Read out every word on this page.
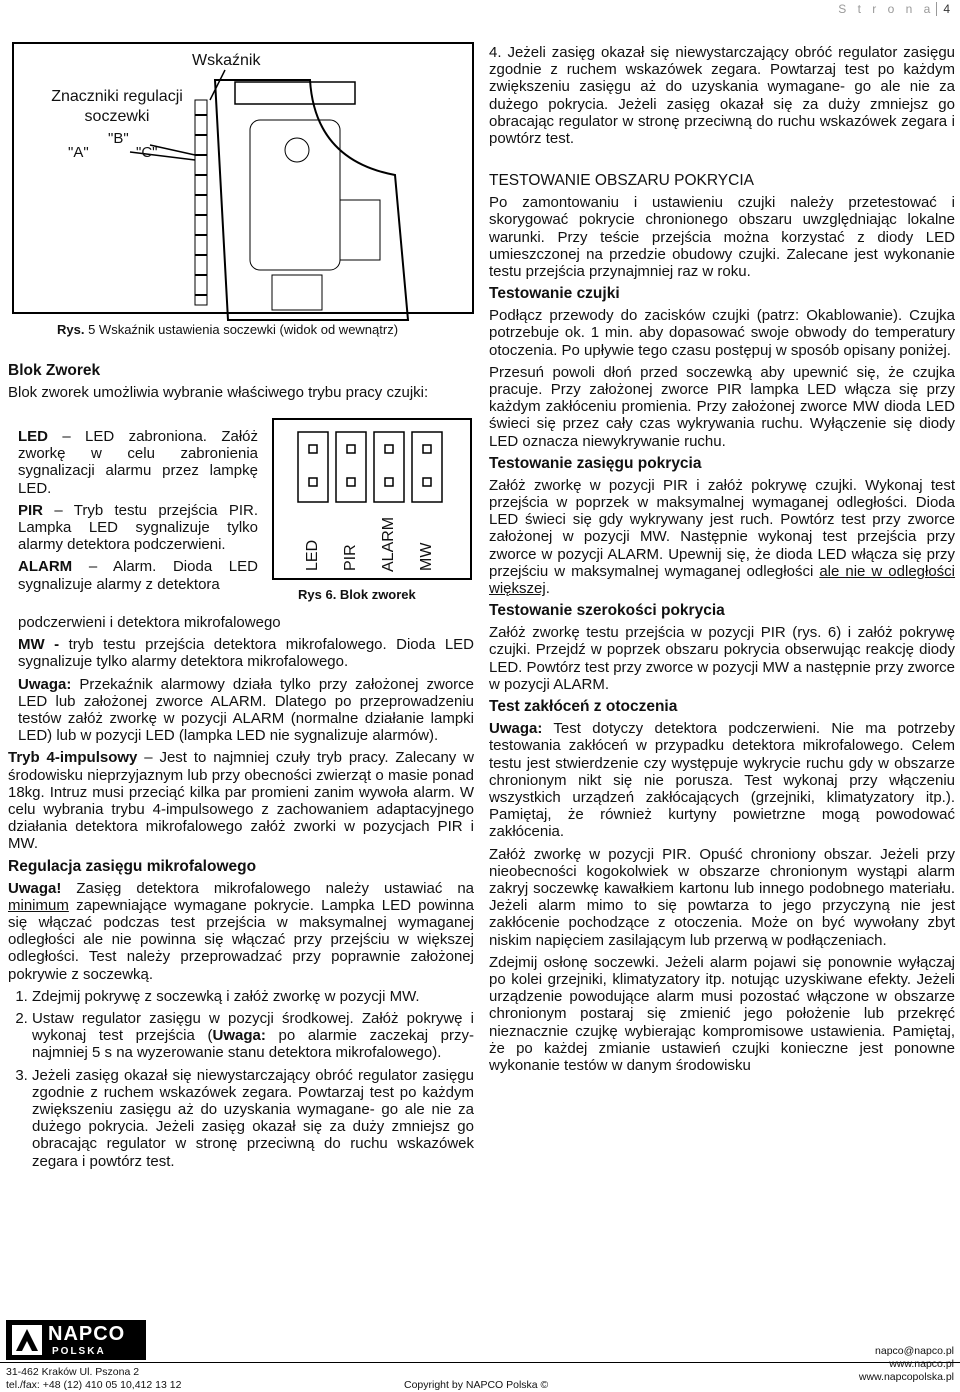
S t r o n a 4
Wskaźnik
Znaczniki regulacji
soczewki
"B"
"A"	"C"
Rys. 5 Wskaźnik ustawienia soczewki (widok od wewnątrz)
LED PIR ALARM MW
Rys 6. Blok zworek
Blok Zworek

Blok zworek umożliwia wybranie właściwego trybu pracy czujki:

LED – LED zabroniona. Załóż zworkę w celu zabronienia sygnalizacji alarmu przez lampkę LED.

PIR – Tryb testu przejścia PIR. Lampka LED sygnalizuje tylko alarmy detektora podczerwieni.

ALARM – Alarm. Dioda LED sygnalizuje alarmy z detektora

podczerwieni i detektora mikrofalowego

MW - tryb testu przejścia detektora mikrofalowego. Dioda LED sygnalizuje tylko alarmy detektora mikrofalowego.

Uwaga: Przekaźnik alarmowy działa tylko przy założonej zworce LED lub założonej zworce ALARM. Dlatego po przeprowadzeniu testów załóż zworkę w pozycji ALARM (normalne działanie lampki LED) lub w pozycji LED (lampka LED nie sygnalizuje alarmów).

Tryb 4-impulsowy – Jest to najmniej czuły tryb pracy. Zalecany w środowisku nieprzyjaznym lub przy obecności zwierząt o masie ponad 18kg. Intruz musi przeciąć kilka par promieni zanim wywoła alarm. W celu wybrania trybu 4-impulsowego z zachowaniem adaptacyjnego działania detektora mikrofalowego załóż zworki w pozycjach PIR i MW.

Regulacja zasięgu mikrofalowego

Uwaga! Zasięg detektora mikrofalowego należy ustawiać na minimum zapewniające wymagane pokrycie. Lampka LED powinna się włączać podczas test przejścia w maksymalnej wymaganej odległości ale nie powinna się włączać przy przejściu w większej odległości. Test należy przeprowadzać przy poprawnie założonej pokrywie z soczewką.

1. Zdejmij pokrywę z soczewką i załóż zworkę w pozycji MW.
2. Ustaw regulator zasięgu w pozycji środkowej. Załóż pokrywę i wykonaj test przejścia (Uwaga: po alarmie zaczekaj przy- najmniej 5 s na wyzerowanie stanu detektora mikrofalowego).
3. Jeżeli zasięg okazał się niewystarczający obróć regulator zasięgu zgodnie z ruchem wskazówek zegara. Powtarzaj test po każdym zwiększeniu zasięgu aż do uzyskania wymagane- go ale nie za dużego pokrycia. Jeżeli zasięg okazał się za duży zmniejsz go obracając regulator w stronę przeciwną do ruchu wskazówek zegara i powtórz test.

4. Jeżeli zasięg okazał się niewystarczający obróć regulator zasięgu zgodnie z ruchem wskazówek zegara. Powtarzaj test po każdym zwiększeniu zasięgu aż do uzyskania wymagane- go ale nie za dużego pokrycia. Jeżeli zasięg okazał się za duży zmniejsz go obracając regulator w stronę przeciwną do ruchu wskazówek zegara i powtórz test.

TESTOWANIE OBSZARU POKRYCIA

Po zamontowaniu i ustawieniu czujki należy przetestować i skorygować pokrycie chronionego obszaru uwzględniając lokalne warunki. Przy teście przejścia można korzystać z diody LED umieszczonej na przedzie obudowy czujki. Zalecane jest wykonanie testu przejścia przynajmniej raz w roku.

Testowanie czujki

Podłącz przewody do zacisków czujki (patrz: Okablowanie). Czujka potrzebuje ok. 1 min. aby dopasować swoje obwody do temperatury otoczenia. Po upływie tego czasu postępuj w sposób opisany poniżej.

Przesuń powoli dłoń przed soczewką aby upewnić się, że czujka pracuje. Przy założonej zworce PIR lampka LED włącza się przy każdym zakłóceniu promienia. Przy założonej zworce MW dioda LED świeci się przez cały czas wykrywania ruchu. Wyłączenie się diody LED oznacza niewykrywanie ruchu.

Testowanie zasięgu pokrycia

Załóż zworkę w pozycji PIR i załóż pokrywę czujki. Wykonaj test przejścia w poprzek w maksymalnej wymaganej odległości. Dioda LED świeci się gdy wykrywany jest ruch. Powtórz test przy zworce założonej w pozycji MW. Następnie wykonaj test przejścia przy zworce w pozycji ALARM. Upewnij się, że dioda LED włącza się przy przejściu w maksymalnej wymaganej odległości ale nie w odległości większej.

Testowanie szerokości pokrycia

Załóż zworkę testu przejścia w pozycji PIR (rys. 6) i załóż pokrywę czujki. Przejdź w poprzek obszaru pokrycia obserwując reakcję diody LED. Powtórz test przy zworce w pozycji MW a następnie przy zworce w pozycji ALARM.

Test zakłóceń z otoczenia

Uwaga: Test dotyczy detektora podczerwieni. Nie ma potrzeby testowania zakłóceń w przypadku detektora mikrofalowego. Celem testu jest stwierdzenie czy występuje wykrycie ruchu gdy w obszarze chronionym nikt się nie porusza. Test wykonaj przy włączeniu wszystkich urządzeń zakłócających (grzejniki, klimatyzatory itp.). Pamiętaj, że również kurtyny powietrzne mogą powodować zakłócenia.

Załóż zworkę w pozycji PIR. Opuść chroniony obszar. Jeżeli przy nieobecności kogokolwiek w obszarze chronionym wystąpi alarm zakryj soczewkę kawałkiem kartonu lub innego podobnego materiału. Jeżeli alarm mimo to się powtarza to jego przyczyną nie jest zakłócenie pochodzące z otoczenia. Może on być wywołany zbyt niskim napięciem zasilającym lub przerwą w podłączeniach.

Zdejmij osłonę soczewki. Jeżeli alarm pojawi się ponownie wyłączaj po kolei grzejniki, klimatyzatory itp. notując uzyskiwane efekty. Jeżeli urządzenie powodujące alarm musi pozostać włączone w obszarze chronionym postaraj się zmienić jego położenie lub przekręć nieznacznie czujkę wybierając kompromisowe ustawienia. Pamiętaj, że po każdej zmianie ustawień czujki konieczne jest ponowne wykonanie testów w danym środowisku

NAPCO
POLSKA
31-462 Kraków Ul. Pszona 2
tel./fax: +48 (12) 410 05 10,412 13 12	Copyright by NAPCO Polska ©
napco@napco.pl
www.napco.pl
www.napcopolska.pl
